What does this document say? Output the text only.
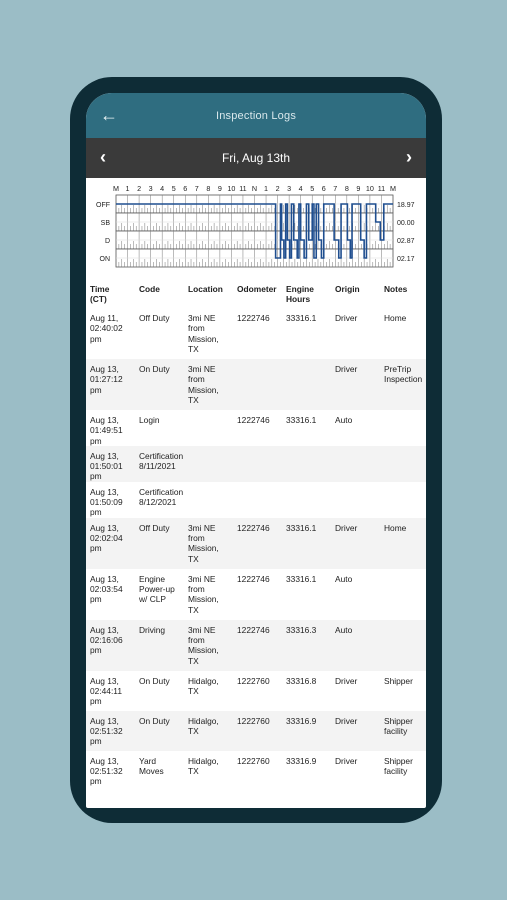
←	Inspection Logs
‹	Fri, Aug 13th	›
M 1 2 3 4 5 6 7 8 9 10 11 N 1 2 3 4 5 6 7 8 9 10 11 M
OFF	18.97
SB	00.00
D	02.87
ON	02.17
Time
(CT)	Code	Location	Odometer	Engine
Hours	Origin	Notes
Aug 11,
02:40:02
pm	Off Duty	3mi NE
from
Mission,
TX	1222746	33316.1	Driver	Home
Aug 13,
01:27:12
pm	On Duty	3mi NE
from
Mission,
TX			Driver	PreTrip
Inspection
Aug 13,
01:49:51
pm	Login		1222746	33316.1	Auto	
Aug 13,
01:50:01
pm	Certification
8/11/2021					
Aug 13,
01:50:09
pm	Certification
8/12/2021					
Aug 13,
02:02:04
pm	Off Duty	3mi NE
from
Mission,
TX	1222746	33316.1	Driver	Home
Aug 13,
02:03:54
pm	Engine
Power-up
w/ CLP	3mi NE
from
Mission,
TX	1222746	33316.1	Auto	
Aug 13,
02:16:06
pm	Driving	3mi NE
from
Mission,
TX	1222746	33316.3	Auto	
Aug 13,
02:44:11
pm	On Duty	Hidalgo,
TX	1222760	33316.8	Driver	Shipper
Aug 13,
02:51:32
pm	On Duty	Hidalgo,
TX	1222760	33316.9	Driver	Shipper
facility
Aug 13,
02:51:32
pm	Yard
Moves	Hidalgo,
TX	1222760	33316.9	Driver	Shipper
facility
